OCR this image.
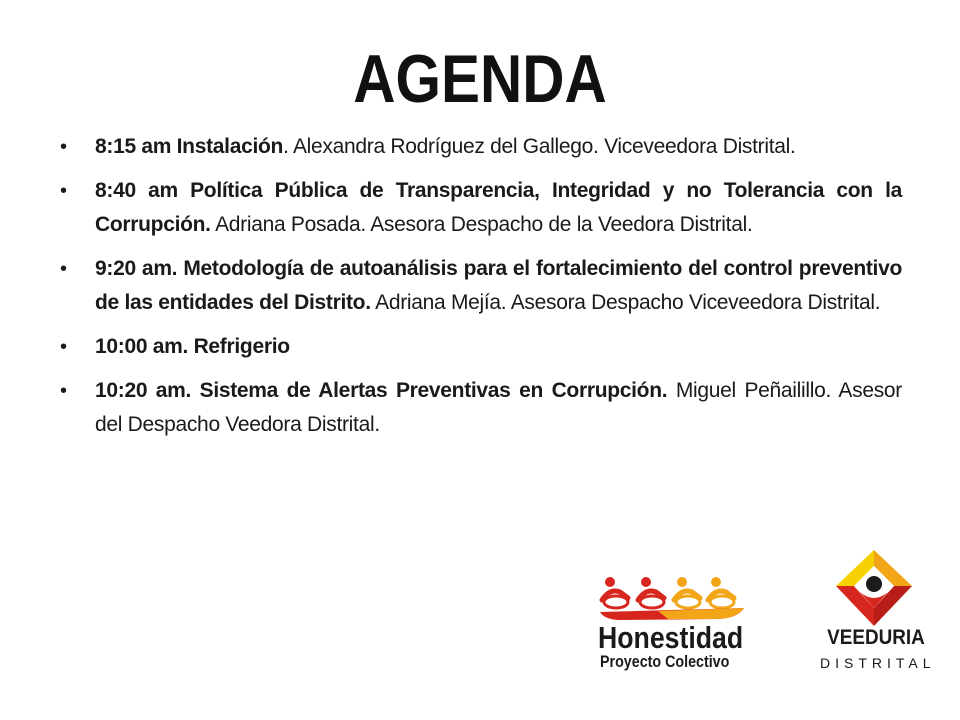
AGENDA
• 8:15 am Instalación. Alexandra Rodríguez del Gallego. Viceveedora Distrital.
• 8:40 am Política Pública de Transparencia, Integridad y no Tolerancia con la Corrupción. Adriana Posada. Asesora Despacho de la Veedora Distrital.
• 9:20 am. Metodología de autoanálisis para el fortalecimiento del control preventivo de las entidades del Distrito. Adriana Mejía. Asesora Despacho Viceveedora Distrital.
• 10:00 am. Refrigerio
• 10:20 am. Sistema de Alertas Preventivas en Corrupción. Miguel Peñailillo. Asesor del Despacho Veedora Distrital.
Honestidad
Proyecto Colectivo
VEEDURIA
DISTRITAL
